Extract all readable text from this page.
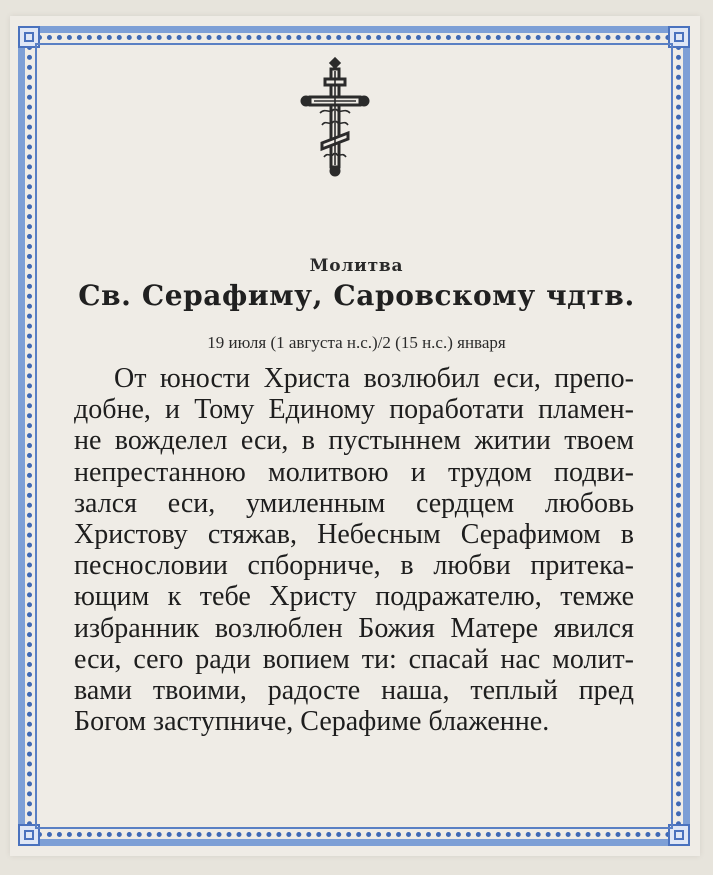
Молитва
Св. Серафиму, Саровскому чдтв.
19 июля (1 августа н.с.)/2 (15 н.с.) января
От юности Христа возлюбил еси, препо-
добне, и Тому Единому поработати пламен-
не вожделел еси, в пустыннем житии твоем
непрестанною молитвою и трудом подви-
зался еси, умиленным сердцем любовь
Христову стяжав, Небесным Серафимом в
песнословии спборниче, в любви притека-
ющим к тебе Христу подражателю, темже
избранник возлюблен Божия Матере явился
еси, сего ради вопием ти: спасай нас молит-
вами твоими, радосте наша, теплый пред
Богом заступниче, Серафиме блаженне.
